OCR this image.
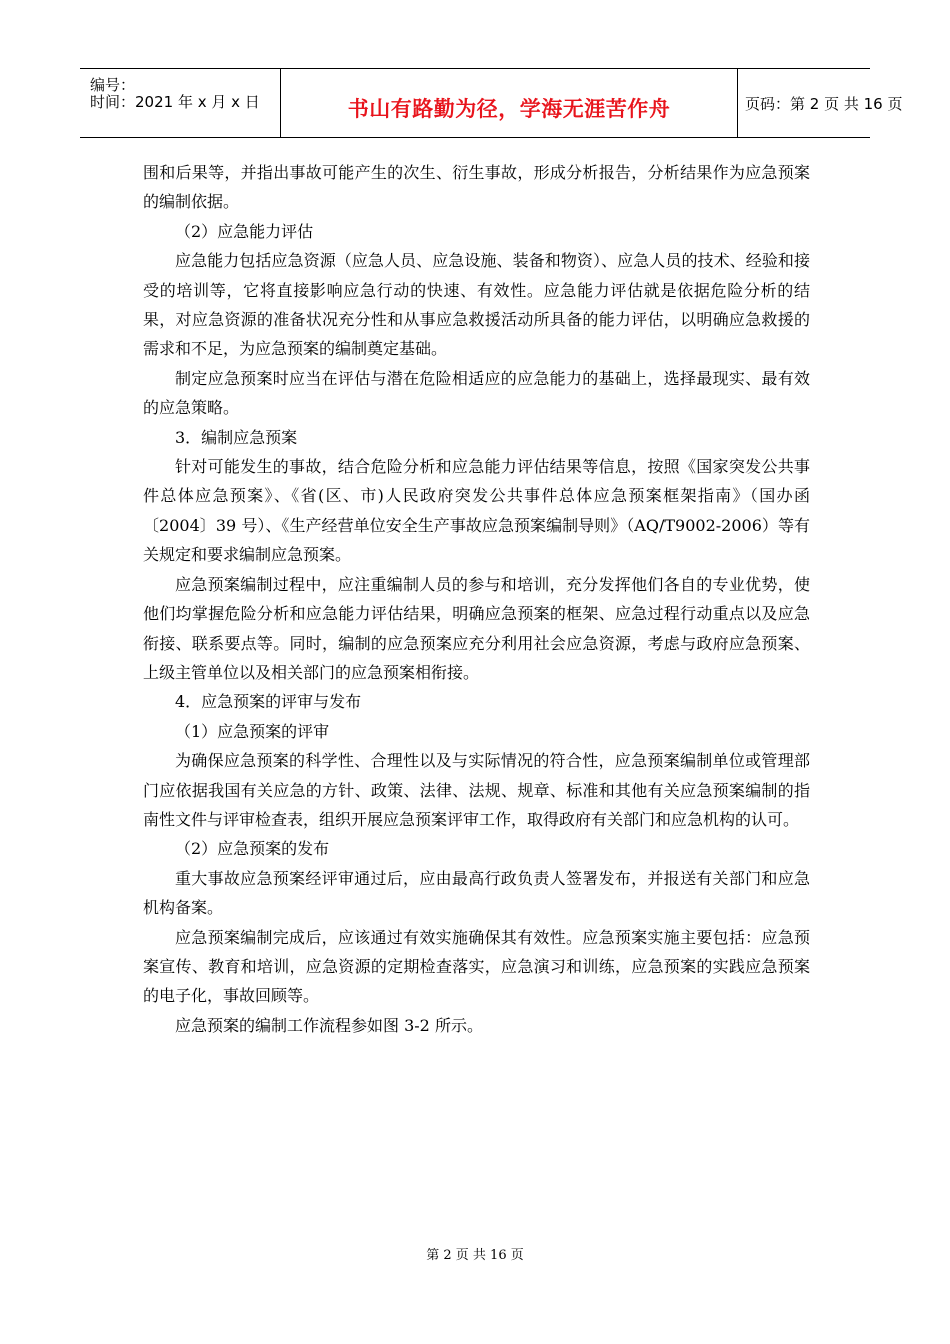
编号：
时间：2021 年 x 月 x 日	书山有路勤为径，学海无涯苦作舟	页码：第 2 页 共 16 页

围和后果等，并指出事故可能产生的次生、衍生事故，形成分析报告，分析结果作为应急预案的编制依据。

（2）应急能力评估

应急能力包括应急资源（应急人员、应急设施、装备和物资）、应急人员的技术、经验和接受的培训等，它将直接影响应急行动的快速、有效性。应急能力评估就是依据危险分析的结果，对应急资源的准备状况充分性和从事应急救援活动所具备的能力评估，以明确应急救援的需求和不足，为应急预案的编制奠定基础。

制定应急预案时应当在评估与潜在危险相适应的应急能力的基础上，选择最现实、最有效的应急策略。

3．编制应急预案

针对可能发生的事故，结合危险分析和应急能力评估结果等信息，按照《国家突发公共事件总体应急预案》、《省(区、市)人民政府突发公共事件总体应急预案框架指南》（国办函〔2004〕39 号）、《生产经营单位安全生产事故应急预案编制导则》（AQ/T9002-2006）等有关规定和要求编制应急预案。

应急预案编制过程中，应注重编制人员的参与和培训，充分发挥他们各自的专业优势，使他们均掌握危险分析和应急能力评估结果，明确应急预案的框架、应急过程行动重点以及应急衔接、联系要点等。同时，编制的应急预案应充分利用社会应急资源，考虑与政府应急预案、上级主管单位以及相关部门的应急预案相衔接。

4．应急预案的评审与发布

（1）应急预案的评审

为确保应急预案的科学性、合理性以及与实际情况的符合性，应急预案编制单位或管理部门应依据我国有关应急的方针、政策、法律、法规、规章、标准和其他有关应急预案编制的指南性文件与评审检查表，组织开展应急预案评审工作，取得政府有关部门和应急机构的认可。

（2）应急预案的发布

重大事故应急预案经评审通过后，应由最高行政负责人签署发布，并报送有关部门和应急机构备案。

应急预案编制完成后，应该通过有效实施确保其有效性。应急预案实施主要包括：应急预案宣传、教育和培训，应急资源的定期检查落实，应急演习和训练，应急预案的实践应急预案的电子化，事故回顾等。

应急预案的编制工作流程参如图 3-2 所示。

第 2 页 共 16 页
